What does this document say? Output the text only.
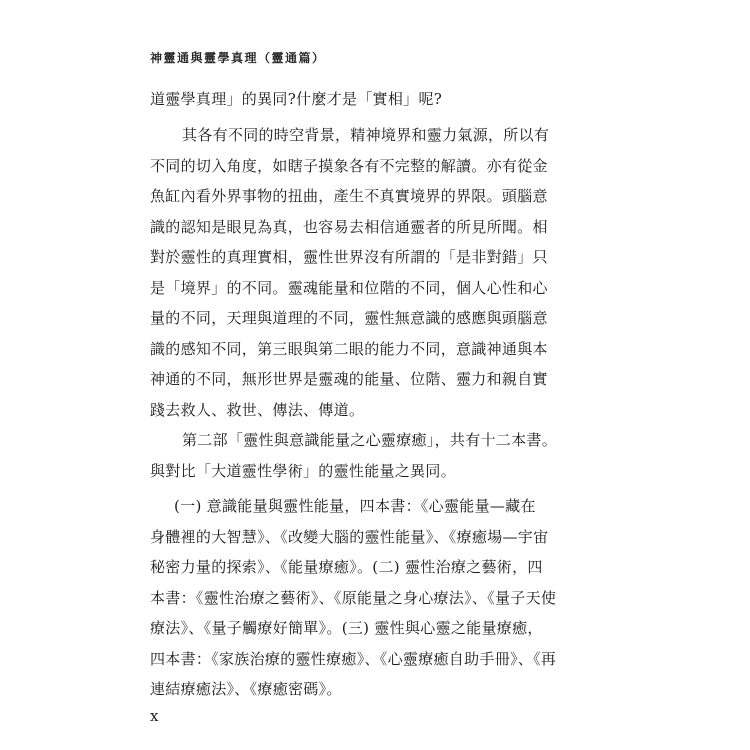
神靈通與靈學真理（靈通篇）
道靈學真理」的異同?什麼才是「實相」呢?
其各有不同的時空背景，精神境界和靈力氣源，所以有
不同的切入角度，如瞎子摸象各有不完整的解讀。亦有從金
魚缸內看外界事物的扭曲，產生不真實境界的界限。頭腦意
識的認知是眼見為真，也容易去相信通靈者的所見所聞。相
對於靈性的真理實相，靈性世界沒有所謂的「是非對錯」只
是「境界」的不同。靈魂能量和位階的不同，個人心性和心
量的不同，天理與道理的不同，靈性無意識的感應與頭腦意
識的感知不同，第三眼與第二眼的能力不同，意識神通與本
神通的不同，無形世界是靈魂的能量、位階、靈力和親自實
踐去救人、救世、傳法、傳道。
第二部「靈性與意識能量之心靈療癒」，共有十二本書。
與對比「大道靈性學術」的靈性能量之異同。
(一) 意識能量與靈性能量，四本書：《心靈能量—藏在
身體裡的大智慧》、《改變大腦的靈性能量》、《療癒場—宇宙
秘密力量的探索》、《能量療癒》。(二) 靈性治療之藝術，四
本書：《靈性治療之藝術》、《原能量之身心療法》、《量子天使
療法》、《量子觸療好簡單》。(三) 靈性與心靈之能量療癒，
四本書：《家族治療的靈性療癒》、《心靈療癒自助手冊》、《再
連結療癒法》、《療癒密碼》。
x
